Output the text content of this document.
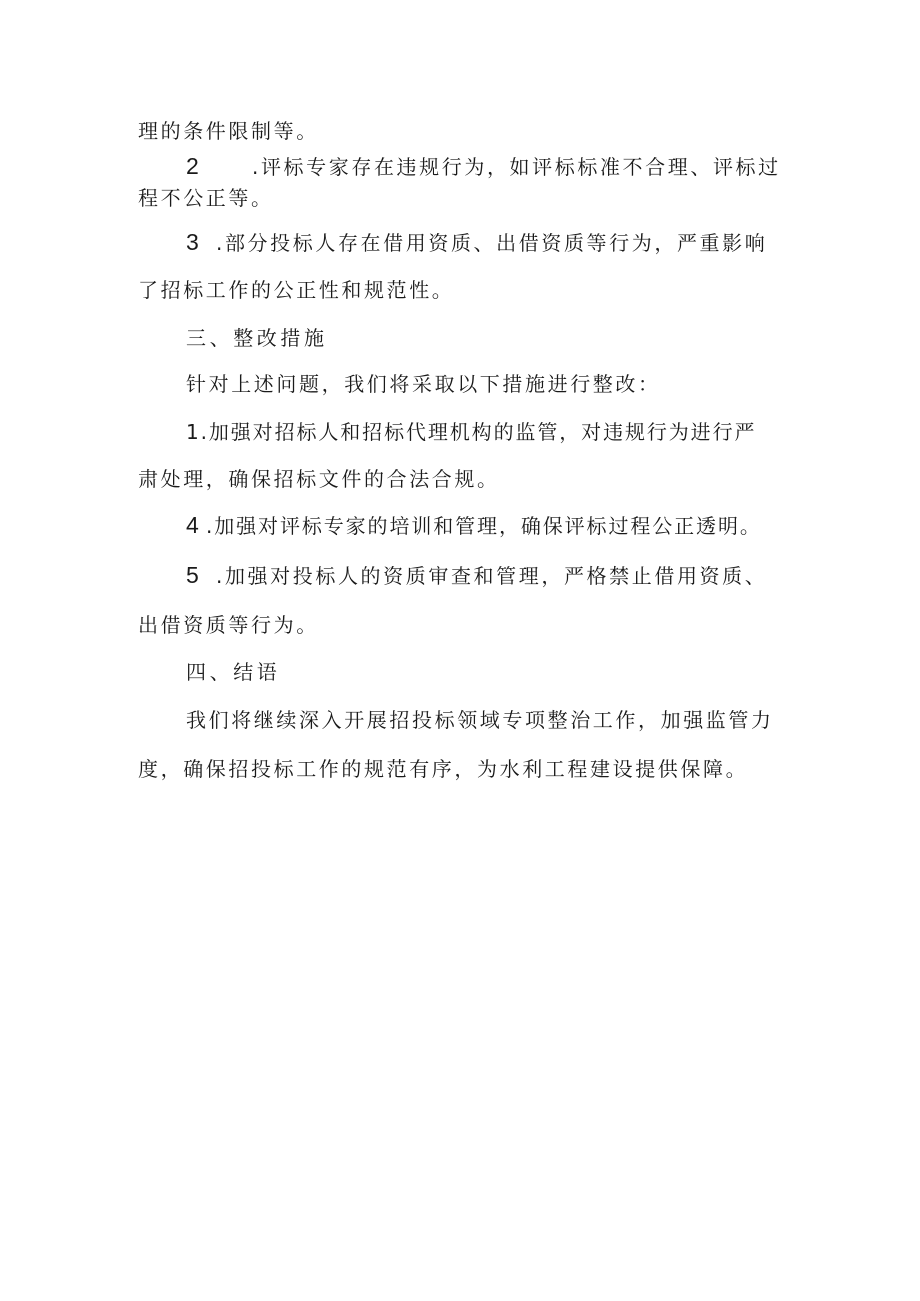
理的条件限制等。
2	.评标专家存在违规行为，如评标标准不合理、评标过
程不公正等。
3 .部分投标人存在借用资质、出借资质等行为，严重影响
了招标工作的公正性和规范性。
三、整改措施
针对上述问题，我们将采取以下措施进行整改：
1.加强对招标人和招标代理机构的监管，对违规行为进行严
肃处理，确保招标文件的合法合规。
4 .加强对评标专家的培训和管理，确保评标过程公正透明。
5 .加强对投标人的资质审查和管理，严格禁止借用资质、
出借资质等行为。
四、结语
我们将继续深入开展招投标领域专项整治工作，加强监管力
度，确保招投标工作的规范有序，为水利工程建设提供保障。
